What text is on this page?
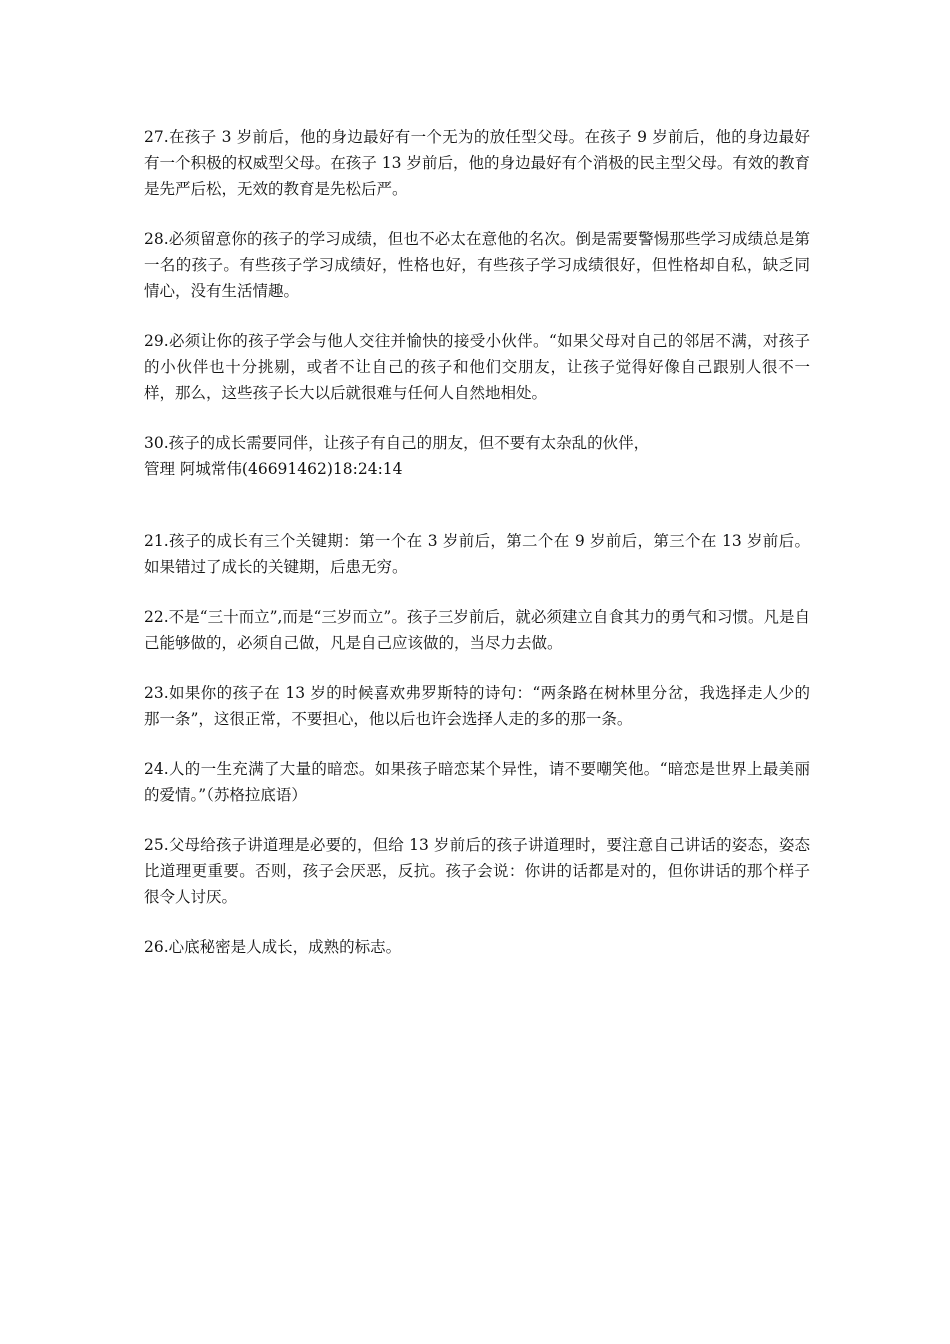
27.在孩子 3 岁前后，他的身边最好有一个无为的放任型父母。在孩子 9 岁前后，他的身边最好有一个积极的权威型父母。在孩子 13 岁前后，他的身边最好有个消极的民主型父母。有效的教育是先严后松，无效的教育是先松后严。

28.必须留意你的孩子的学习成绩，但也不必太在意他的名次。倒是需要警惕那些学习成绩总是第一名的孩子。有些孩子学习成绩好，性格也好，有些孩子学习成绩很好，但性格却自私，缺乏同情心，没有生活情趣。

29.必须让你的孩子学会与他人交往并愉快的接受小伙伴。“如果父母对自己的邻居不满，对孩子的小伙伴也十分挑剔，或者不让自己的孩子和他们交朋友，让孩子觉得好像自己跟别人很不一样，那么，这些孩子长大以后就很难与任何人自然地相处。

30.孩子的成长需要同伴，让孩子有自己的朋友，但不要有太杂乱的伙伴，

管理 阿城常伟(46691462)18:24:14

21.孩子的成长有三个关键期：第一个在 3 岁前后，第二个在 9 岁前后，第三个在 13 岁前后。如果错过了成长的关键期，后患无穷。

22.不是“三十而立”,而是“三岁而立”。孩子三岁前后，就必须建立自食其力的勇气和习惯。凡是自己能够做的，必须自己做，凡是自己应该做的，当尽力去做。

23.如果你的孩子在 13 岁的时候喜欢弗罗斯特的诗句：“两条路在树林里分岔，我选择走人少的那一条”，这很正常，不要担心，他以后也许会选择人走的多的那一条。

24.人的一生充满了大量的暗恋。如果孩子暗恋某个异性，请不要嘲笑他。“暗恋是世界上最美丽的爱情。”（苏格拉底语）

25.父母给孩子讲道理是必要的，但给 13 岁前后的孩子讲道理时，要注意自己讲话的姿态，姿态比道理更重要。否则，孩子会厌恶，反抗。孩子会说：你讲的话都是对的，但你讲话的那个样子很令人讨厌。

26.心底秘密是人成长，成熟的标志。
